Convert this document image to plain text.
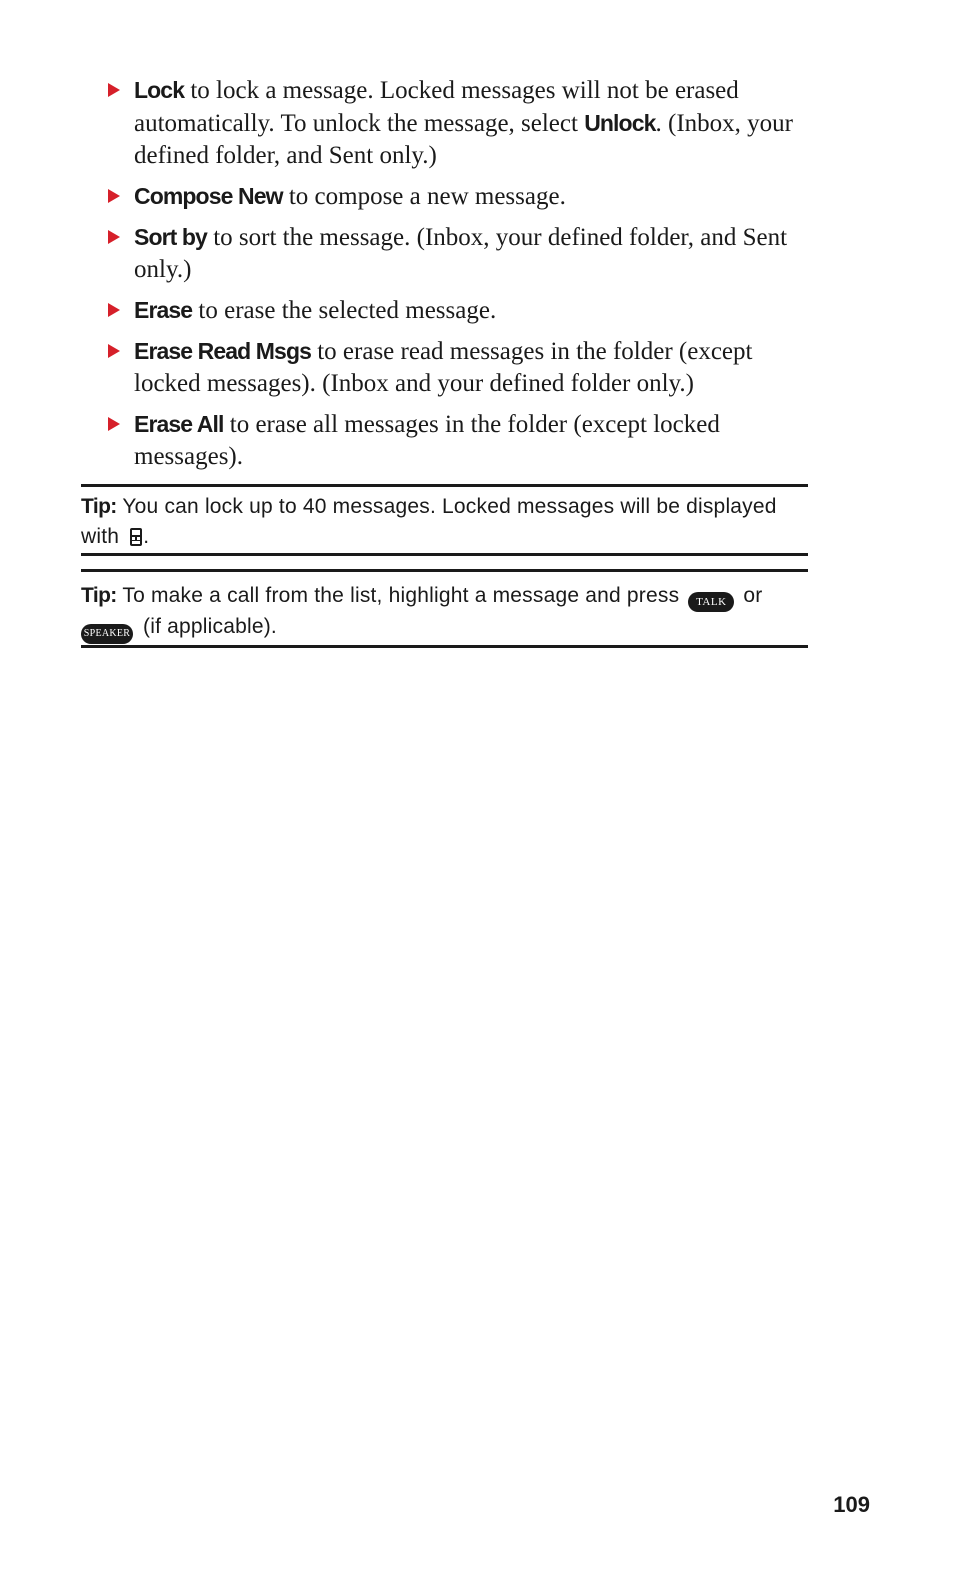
Lock to lock a message. Locked messages will not be erased automatically. To unlock the message, select Unlock. (Inbox, your defined folder, and Sent only.)
Compose New to compose a new message.
Sort by to sort the message. (Inbox, your defined folder, and Sent only.)
Erase to erase the selected message.
Erase Read Msgs to erase read messages in the folder (except locked messages). (Inbox and your defined folder only.)
Erase All to erase all messages in the folder (except locked messages).
Tip: You can lock up to 40 messages. Locked messages will be displayed with .
Tip: To make a call from the list, highlight a message and press TALK or
SPEAKER (if applicable).
109
